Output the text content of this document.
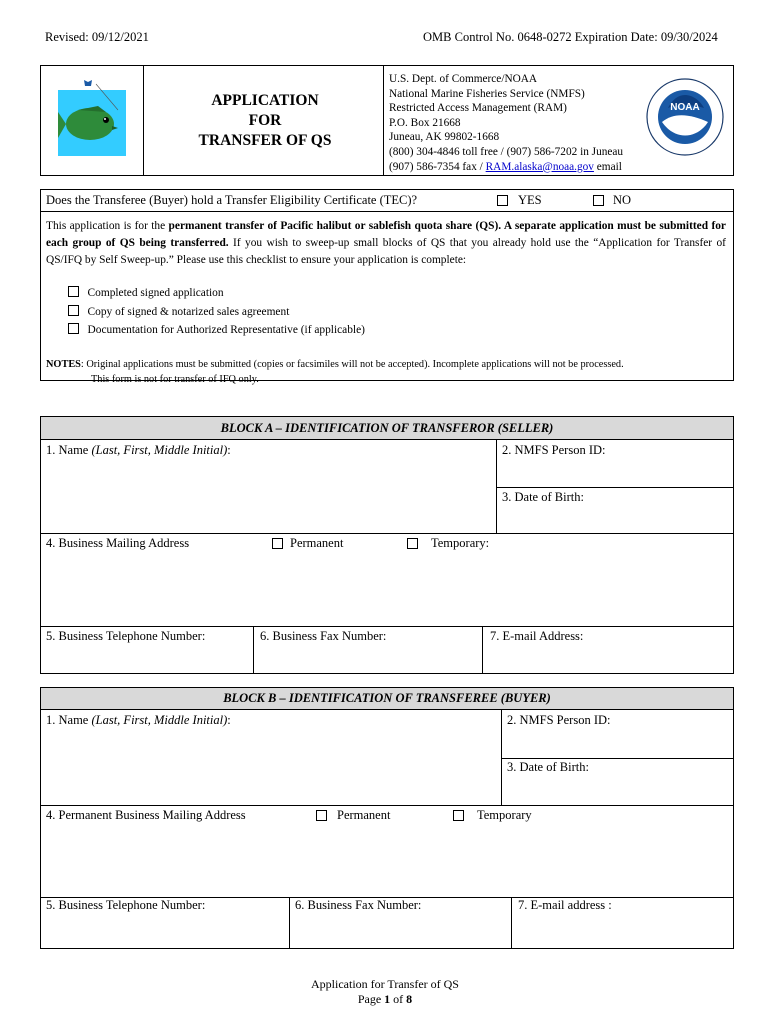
Revised: 09/12/2021	OMB Control No. 0648-0272 Expiration Date: 09/30/2024
APPLICATION
FOR
TRANSFER OF QS
U.S. Dept. of Commerce/NOAA
National Marine Fisheries Service (NMFS)
Restricted Access Management (RAM)
P.O. Box 21668
Juneau, AK 99802-1668
(800) 304-4846 toll free / (907) 586-7202 in Juneau
(907) 586-7354 fax / RAM.alaska@noaa.gov email
NOAA
Does the Transferee (Buyer) hold a Transfer Eligibility Certificate (TEC)?	YES	NO
This application is for the permanent transfer of Pacific halibut or sablefish quota share (QS). A separate application must be submitted for each group of QS being transferred. If you wish to sweep-up small blocks of QS that you already hold use the “Application for Transfer of QS/IFQ by Self Sweep-up.” Please use this checklist to ensure your application is complete:
Completed signed application
Copy of signed & notarized sales agreement
Documentation for Authorized Representative (if applicable)
NOTES: Original applications must be submitted (copies or facsimiles will not be accepted). Incomplete applications will not be processed.
This form is not for transfer of IFQ only.
BLOCK A – IDENTIFICATION OF TRANSFEROR (SELLER)
1. Name (Last, First, Middle Initial):	2. NMFS Person ID:
3. Date of Birth:
4. Business Mailing Address	Permanent	Temporary:
5. Business Telephone Number:	6. Business Fax Number:	7. E-mail Address:
BLOCK B – IDENTIFICATION OF TRANSFEREE (BUYER)
1. Name (Last, First, Middle Initial):	2. NMFS Person ID:
3. Date of Birth:
4. Permanent Business Mailing Address	Permanent	Temporary
5. Business Telephone Number:	6. Business Fax Number:	7. E-mail address :
Application for Transfer of QS
Page 1 of 8
